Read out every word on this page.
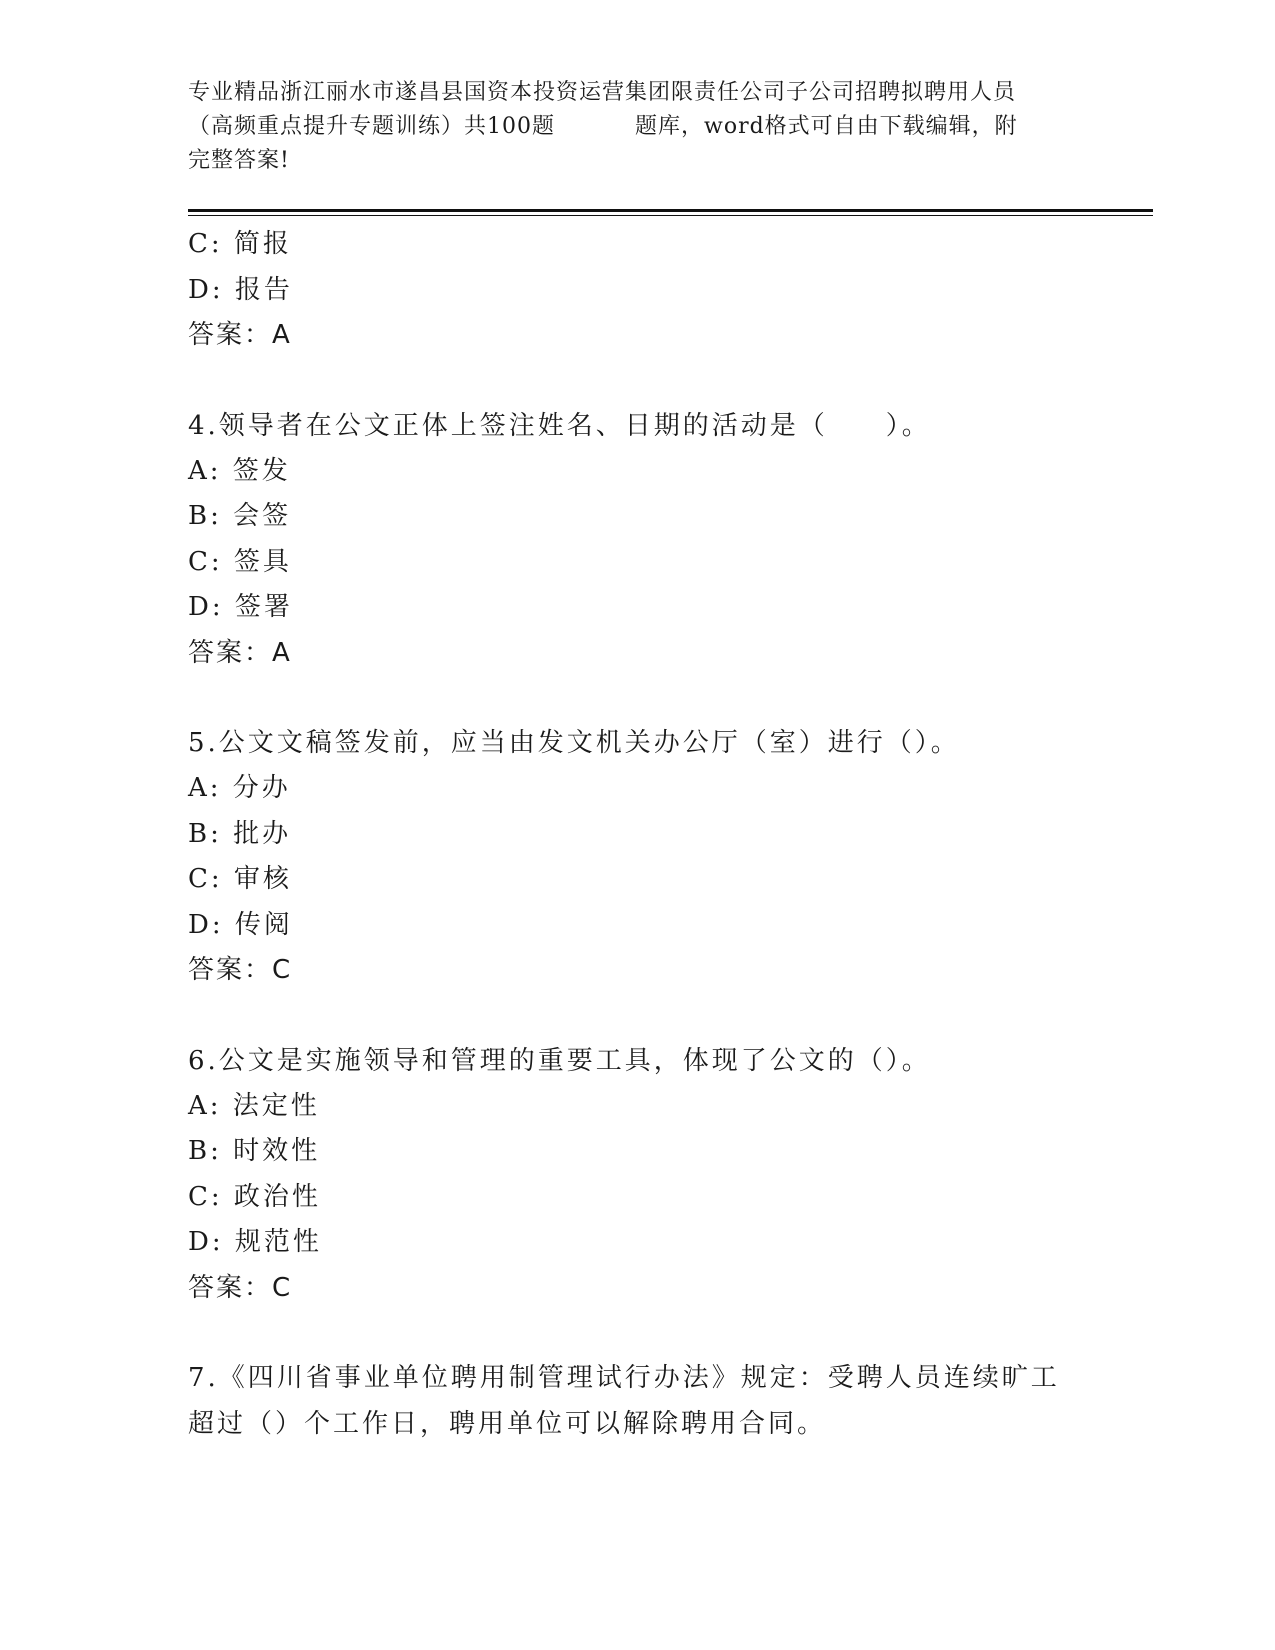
专业精品浙江丽水市遂昌县国资本投资运营集团限责任公司子公司招聘拟聘用人员
（高频重点提升专题训练）共100题	题库，word格式可自由下载编辑，附
完整答案!
C: 简报
D: 报告
答案：A
4.领导者在公文正体上签注姓名、日期的活动是（　　）。
A: 签发
B: 会签
C: 签具
D: 签署
答案：A
5.公文文稿签发前，应当由发文机关办公厅（室）进行（）。
A: 分办
B: 批办
C: 审核
D: 传阅
答案：C
6.公文是实施领导和管理的重要工具，体现了公文的（）。
A: 法定性
B: 时效性
C: 政治性
D: 规范性
答案：C
7.《四川省事业单位聘用制管理试行办法》规定：受聘人员连续旷工
超过（）个工作日，聘用单位可以解除聘用合同。
